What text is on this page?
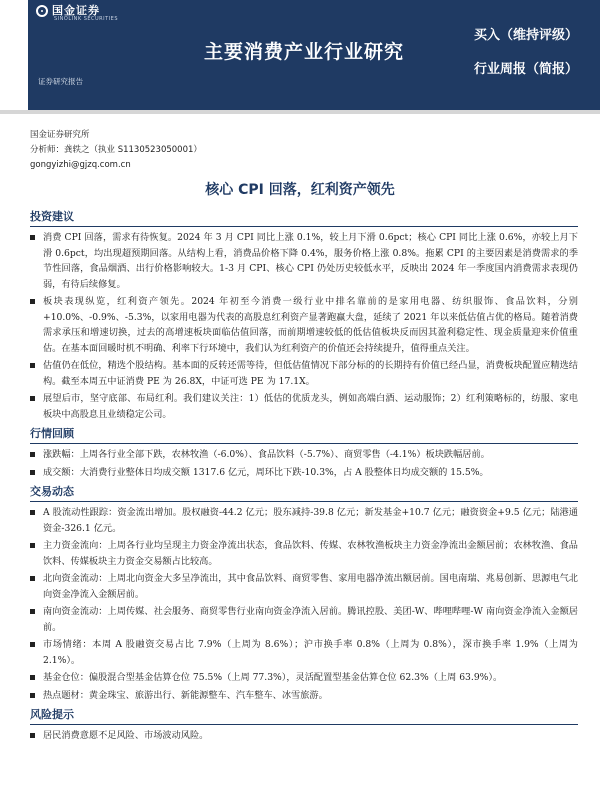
国金证券
SINOLINK SECURITIES
主要消费产业行业研究
买入（维持评级）
行业周报（简报）
证券研究报告
国金证券研究所
分析师：龚轶之（执业 S1130523050001）
gongyizhi@gjzq.com.cn
核心 CPI 回落，红利资产领先
投资建议
消费 CPI 回落，需求有待恢复。2024 年 3 月 CPI 同比上涨 0.1%，较上月下滑 0.6pct；核心 CPI 同比上涨 0.6%，亦较上月下滑 0.6pct，均出现超预期回落。从结构上看，消费品价格下降 0.4%，服务价格上涨 0.8%。拖累 CPI 的主要因素是消费需求的季节性回落，食品烟酒、出行价格影响较大。1-3 月 CPI、核心 CPI 仍处历史较低水平，反映出 2024 年一季度国内消费需求表现仍弱，有待后续修复。
板块表现纵览，红利资产领先。2024 年初至今消费一级行业中排名靠前的是家用电器、纺织服饰、食品饮料，分别+10.0%、-0.9%、-5.3%，以家用电器为代表的高股息红利资产显著跑赢大盘，延续了 2021 年以来低估值占优的格局。随着消费需求承压和增速切换，过去的高增速板块面临估值回落，而前期增速较低的低估值板块反而因其盈利稳定性、现金质量迎来价值重估。在基本面回暖时机不明确、利率下行环境中，我们认为红利资产的价值还会持续提升，值得重点关注。
估值仍在低位，精选个股结构。基本面的反转还需等待，但低估值情况下部分标的的长期持有价值已经凸显，消费板块配置应精选结构。截至本周五中证消费 PE 为 26.8X，中证可选 PE 为 17.1X。
展望后市，坚守底部、布局红利。我们建议关注：1）低估的优质龙头，例如高端白酒、运动服饰；2）红利策略标的，纺服、家电板块中高股息且业绩稳定公司。
行情回顾
涨跌幅：上周各行业全部下跌，农林牧渔（-6.0%）、食品饮料（-5.7%）、商贸零售（-4.1%）板块跌幅居前。
成交额：大消费行业整体日均成交额 1317.6 亿元，周环比下跌-10.3%，占 A 股整体日均成交额的 15.5%。
交易动态
A 股流动性跟踪：资金流出增加。股权融资-44.2 亿元；股东减持-39.8 亿元；新发基金+10.7 亿元；融资资金+9.5 亿元；陆港通资金-326.1 亿元。
主力资金流向：上周各行业均呈现主力资金净流出状态，食品饮料、传媒、农林牧渔板块主力资金净流出金额居前；农林牧渔、食品饮料、传媒板块主力资金交易额占比较高。
北向资金流动：上周北向资金大多呈净流出，其中食品饮料、商贸零售、家用电器净流出额居前。国电南瑞、兆易创新、思源电气北向资金净流入金额居前。
南向资金流动：上周传媒、社会服务、商贸零售行业南向资金净流入居前。腾讯控股、美团-W、哔哩哔哩-W 南向资金净流入金额居前。
市场情绪：本周 A 股融资交易占比 7.9%（上周为 8.6%）；沪市换手率 0.8%（上周为 0.8%），深市换手率 1.9%（上周为 2.1%）。
基金仓位：偏股混合型基金估算仓位 75.5%（上周 77.3%），灵活配置型基金估算仓位 62.3%（上周 63.9%）。
热点题材：黄金珠宝、旅游出行、新能源整车、汽车整车、冰雪旅游。
风险提示
居民消费意愿不足风险、市场波动风险。
